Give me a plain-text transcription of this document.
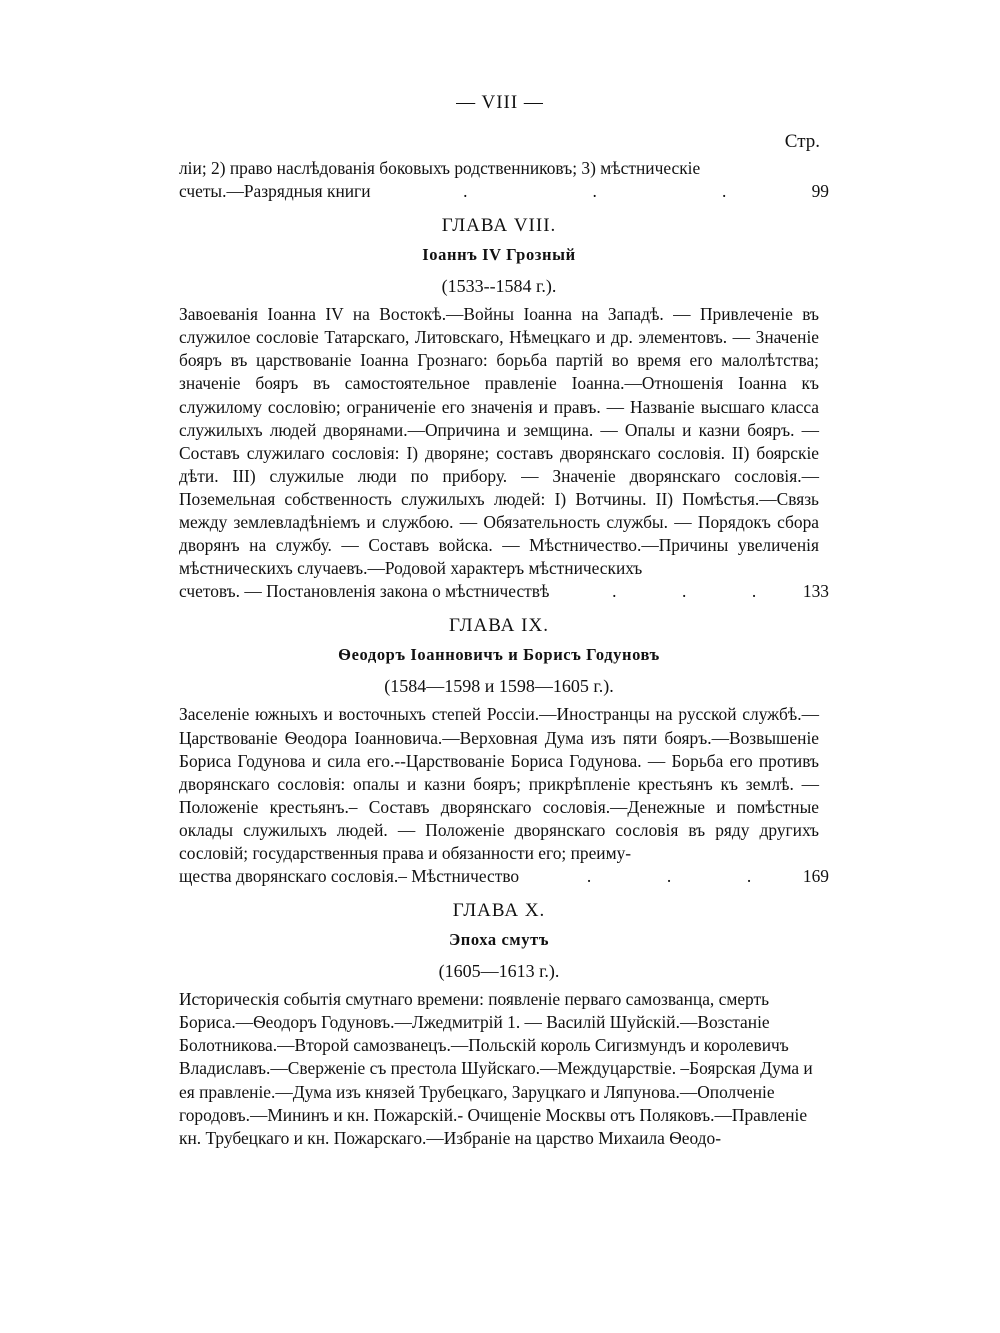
— VIII —
Стр.

ліи; 2) право наслѣдованія боковыхъ родственниковъ; 3) мѣстническіе

счеты.—Разрядныя книги	.	.	.	99
ГЛАВА VIII.
Іоаннъ IV Грозный
(1533--1584 г.).

Завоеванія Іоанна IV на Востокѣ.—Войны Іоанна на Западѣ. — Привлеченіе въ служилое сословіе Татарскаго, Литовскаго, Нѣмецкаго и др. элементовъ. — Значеніе бояръ въ царствованіе Іоанна Грознаго: борьба партій во время его малолѣтства; значеніе бояръ въ самостоятельное правленіе Іоанна.—Отношенія Іоанна къ служилому сословію; ограниченіе его значенія и правъ. — Названіе высшаго класса служилыхъ людей дворянами.—Опричина и земщина. — Опалы и казни бояръ. — Составъ служилаго сословія: I) дворяне; составъ дворянскаго сословія. II) боярскіе дѣти. III) служилые люди по прибору. — Значеніе дворянскаго сословія.—Поземельная собственность служилыхъ людей: I) Вотчины. II) Помѣстья.—Связь между землевладѣніемъ и службою. — Обязательность службы. — Порядокъ сбора дворянъ на службу. — Составъ войска. — Мѣстничество.—Причины увеличенія мѣстническихъ случаевъ.—Родовой характеръ мѣстническихъ

счетовъ. — Постановленія закона о мѣстничествѣ	.	.	.	133
ГЛАВА IX.
Ѳеодоръ Іоанновичъ и Борисъ Годуновъ
(1584—1598 и 1598—1605 г.).

Заселеніе южныхъ и восточныхъ степей Россіи.—Иностранцы на русской службѣ.—Царствованіе Ѳеодора Іоанновича.—Верховная Дума изъ пяти бояръ.—Возвышеніе Бориса Годунова и сила его.--Царствованіе Бориса Годунова. — Борьба его противъ дворянскаго сословія: опалы и казни бояръ; прикрѣпленіе крестьянъ къ землѣ. — Положеніе крестьянъ.– Составъ дворянскаго сословія.—Денежные и помѣстные оклады служилыхъ людей. — Положеніе дворянскаго сословія въ ряду другихъ сословій; государственныя права и обязанности его; преиму-

щества дворянскаго сословія.– Мѣстничество	.	.	.	169
ГЛАВА X.
Эпоха смутъ
(1605—1613 г.).

Историческія событія смутнаго времени: появленіе перваго самозванца, смерть Бориса.—Ѳеодоръ Годуновъ.—Лжедмитрій 1. — Василій Шуйскій.—Возстаніе Болотникова.—Второй самозванецъ.—Польскій король Сигизмундъ и королевичъ Владиславъ.—Сверженіе съ престола Шуйскаго.—Междуцарствіе. –Боярская Дума и ея правленіе.—Дума изъ князей Трубецкаго, Заруцкаго и Ляпунова.—Ополченіе городовъ.—Мининъ и кн. Пожарскій.- Очищеніе Москвы отъ Поляковъ.—Правленіе кн. Трубецкаго и кн. Пожарскаго.—Избраніе на царство Михаила Ѳеодо-
